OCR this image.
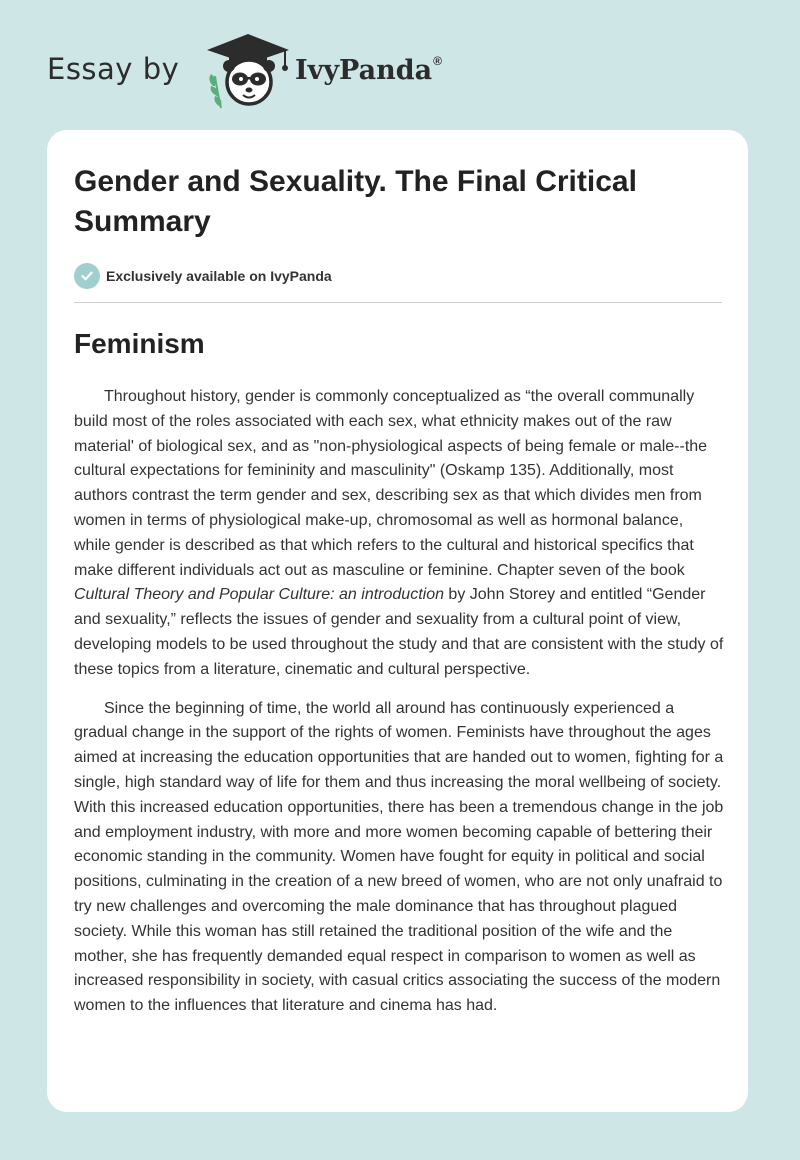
Essay by	IvyPanda®
Gender and Sexuality. The Final Critical Summary
Exclusively available on IvyPanda
Feminism

Throughout history, gender is commonly conceptualized as “the overall communally build most of the roles associated with each sex, what ethnicity makes out of the raw material' of biological sex, and as "non-physiological aspects of being female or male--the cultural expectations for femininity and masculinity" (Oskamp 135). Additionally, most authors contrast the term gender and sex, describing sex as that which divides men from women in terms of physiological make-up, chromosomal as well as hormonal balance, while gender is described as that which refers to the cultural and historical specifics that make different individuals act out as masculine or feminine. Chapter seven of the book Cultural Theory and Popular Culture: an introduction by John Storey and entitled “Gender and sexuality,” reflects the issues of gender and sexuality from a cultural point of view, developing models to be used throughout the study and that are consistent with the study of these topics from a literature, cinematic and cultural perspective.

Since the beginning of time, the world all around has continuously experienced a gradual change in the support of the rights of women. Feminists have throughout the ages aimed at increasing the education opportunities that are handed out to women, fighting for a single, high standard way of life for them and thus increasing the moral wellbeing of society. With this increased education opportunities, there has been a tremendous change in the job and employment industry, with more and more women becoming capable of bettering their economic standing in the community. Women have fought for equity in political and social positions, culminating in the creation of a new breed of women, who are not only unafraid to try new challenges and overcoming the male dominance that has throughout plagued society. While this woman has still retained the traditional position of the wife and the mother, she has frequently demanded equal respect in comparison to women as well as increased responsibility in society, with casual critics associating the success of the modern women to the influences that literature and cinema has had.
